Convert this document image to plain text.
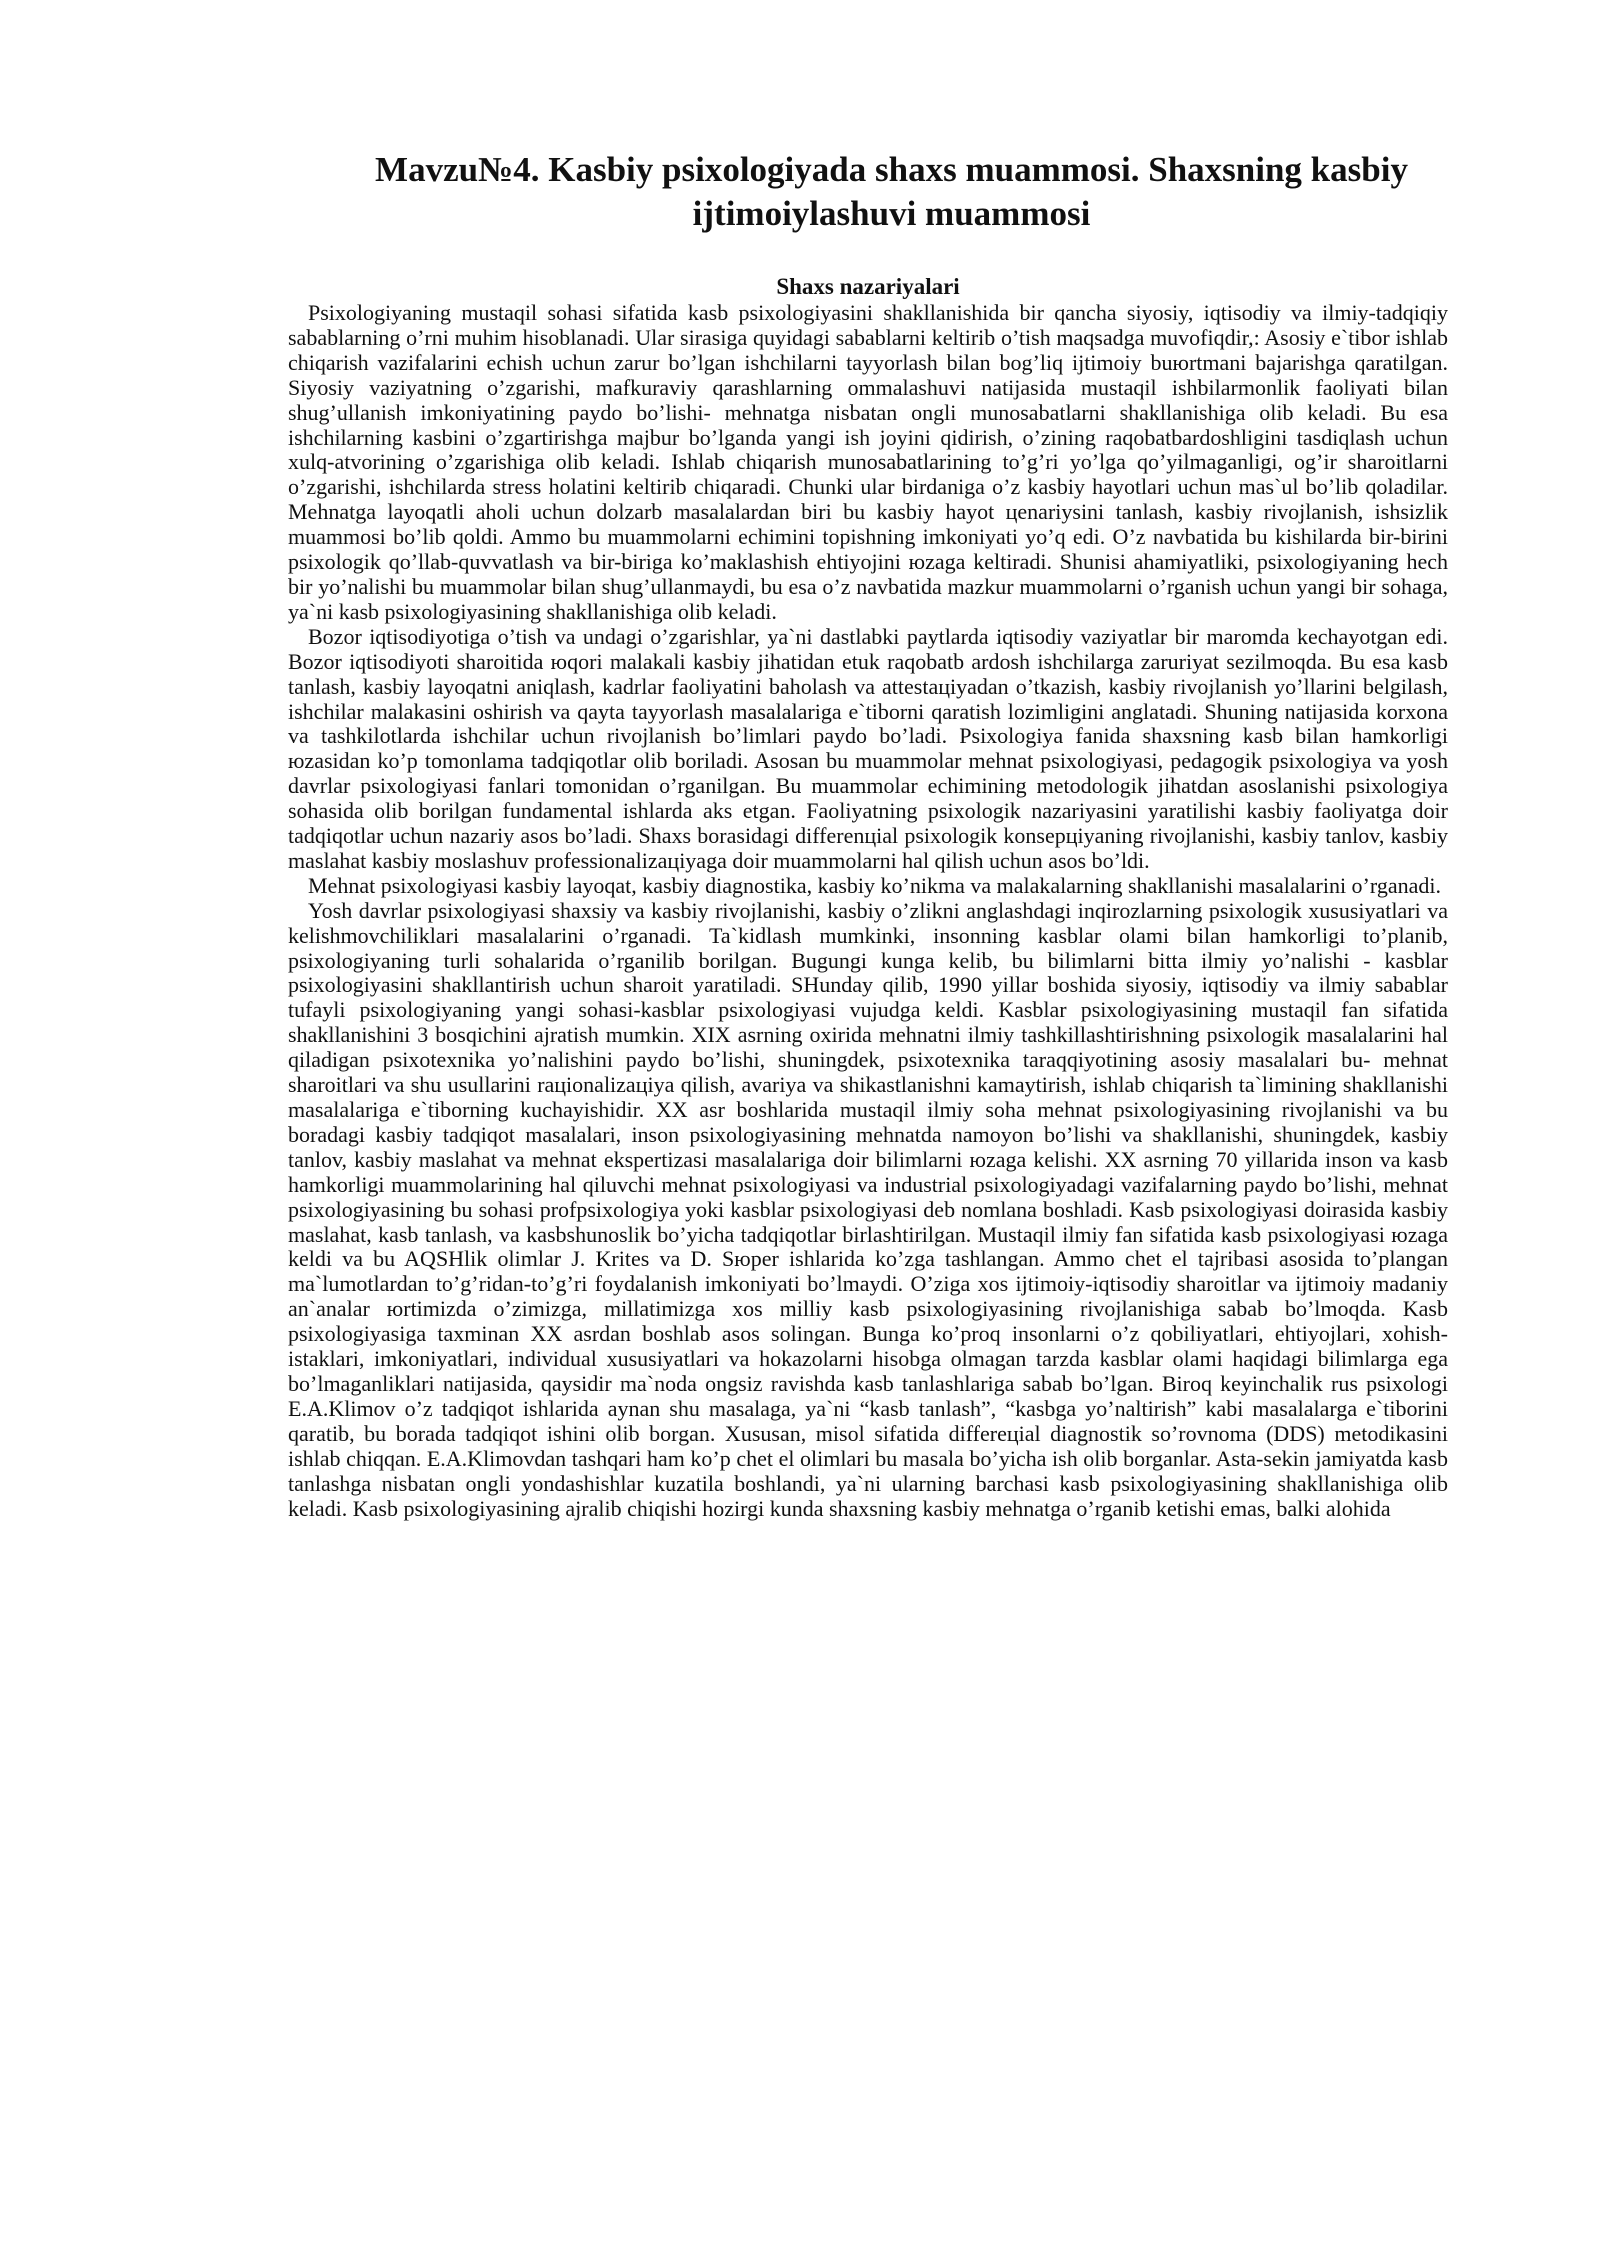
Mavzu№4. Kasbiy psixologiyada shaxs muammosi. Shaxsning kasbiy ijtimoiylashuvi muammosi
Shaxs nazariyalari

Psixologiyaning mustaqil sohasi sifatida kasb psixologiyasini shakllanishida bir qancha siyosiy, iqtisodiy va ilmiy-tadqiqiy sabablarning o’rni muhim hisoblanadi. Ular sirasiga quyidagi sabablarni keltirib o’tish maqsadga muvofiqdir,: Asosiy e`tibor ishlab chiqarish vazifalarini echish uchun zarur bo’lgan ishchilarni tayyorlash bilan bog’liq ijtimoiy buюrtmani bajarishga qaratilgan. Siyosiy vaziyatning o’zgarishi, mafkuraviy qarashlarning ommalashuvi natijasida mustaqil ishbilarmonlik faoliyati bilan shug’ullanish imkoniyatining paydo bo’lishi- mehnatga nisbatan ongli munosabatlarni shakllanishiga olib keladi. Bu esa ishchilarning kasbini o’zgartirishga majbur bo’lganda yangi ish joyini qidirish, o’zining raqobatbardoshligini tasdiqlash uchun xulq-atvorining o’zgarishiga olib keladi. Ishlab chiqarish munosabatlarining to’g’ri yo’lga qo’yilmaganligi, og’ir sharoitlarni o’zgarishi, ishchilarda stress holatini keltirib chiqaradi. Chunki ular birdaniga o’z kasbiy hayotlari uchun mas`ul bo’lib qoladilar. Mehnatga layoqatli aholi uchun dolzarb masalalardan biri bu kasbiy hayot цenariysini tanlash, kasbiy rivojlanish, ishsizlik muammosi bo’lib qoldi. Ammo bu muammolarni echimini topishning imkoniyati yo’q edi. O’z navbatida bu kishilarda bir-birini psixologik qo’llab-quvvatlash va bir-biriga ko’maklashish ehtiyojini юzaga keltiradi. Shunisi ahamiyatliki, psixologiyaning hech bir yo’nalishi bu muammolar bilan shug’ullanmaydi, bu esa o’z navbatida mazkur muammolarni o’rganish uchun yangi bir sohaga, ya`ni kasb psixologiyasining shakllanishiga olib keladi.

Bozor iqtisodiyotiga o’tish va undagi o’zgarishlar, ya`ni dastlabki paytlarda iqtisodiy vaziyatlar bir maromda kechayotgan edi. Bozor iqtisodiyoti sharoitida юqori malakali kasbiy jihatidan etuk raqobatb ardosh ishchilarga zaruriyat sezilmoqda. Bu esa kasb tanlash, kasbiy layoqatni aniqlash, kadrlar faoliyatini baholash va attestaцiyadan o’tkazish, kasbiy rivojlanish yo’llarini belgilash, ishchilar malakasini oshirish va qayta tayyorlash masalalariga e`tiborni qaratish lozimligini anglatadi. Shuning natijasida korxona va tashkilotlarda ishchilar uchun rivojlanish bo’limlari paydo bo’ladi. Psixologiya fanida shaxsning kasb bilan hamkorligi юzasidan ko’p tomonlama tadqiqotlar olib boriladi. Asosan bu muammolar mehnat psixologiyasi, pedagogik psixologiya va yosh davrlar psixologiyasi fanlari tomonidan o’rganilgan. Bu muammolar echimining metodologik jihatdan asoslanishi psixologiya sohasida olib borilgan fundamental ishlarda aks etgan. Faoliyatning psixologik nazariyasini yaratilishi kasbiy faoliyatga doir tadqiqotlar uchun nazariy asos bo’ladi. Shaxs borasidagi differenцial psixologik konsepцiyaning rivojlanishi, kasbiy tanlov, kasbiy maslahat kasbiy moslashuv professionalizaцiyaga doir muammolarni hal qilish uchun asos bo’ldi.

Mehnat psixologiyasi kasbiy layoqat, kasbiy diagnostika, kasbiy ko’nikma va malakalarning shakllanishi masalalarini o’rganadi.

Yosh davrlar psixologiyasi shaxsiy va kasbiy rivojlanishi, kasbiy o’zlikni anglashdagi inqirozlarning psixologik xususiyatlari va kelishmovchiliklari masalalarini o’rganadi. Ta`kidlash mumkinki, insonning kasblar olami bilan hamkorligi to’planib, psixologiyaning turli sohalarida o’rganilib borilgan. Bugungi kunga kelib, bu bilimlarni bitta ilmiy yo’nalishi - kasblar psixologiyasini shakllantirish uchun sharoit yaratiladi. SHunday qilib, 1990 yillar boshida siyosiy, iqtisodiy va ilmiy sabablar tufayli psixologiyaning yangi sohasi-kasblar psixologiyasi vujudga keldi. Kasblar psixologiyasining mustaqil fan sifatida shakllanishini 3 bosqichini ajratish mumkin. XIX asrning oxirida mehnatni ilmiy tashkillashtirishning psixologik masalalarini hal qiladigan psixotexnika yo’nalishini paydo bo’lishi, shuningdek, psixotexnika taraqqiyotining asosiy masalalari bu- mehnat sharoitlari va shu usullarini raцionalizaцiya qilish, avariya va shikastlanishni kamaytirish, ishlab chiqarish ta`limining shakllanishi masalalariga e`tiborning kuchayishidir. XX asr boshlarida mustaqil ilmiy soha mehnat psixologiyasining rivojlanishi va bu boradagi kasbiy tadqiqot masalalari, inson psixologiyasining mehnatda namoyon bo’lishi va shakllanishi, shuningdek, kasbiy tanlov, kasbiy maslahat va mehnat ekspertizasi masalalariga doir bilimlarni юzaga kelishi. XX asrning 70 yillarida inson va kasb hamkorligi muammolarining hal qiluvchi mehnat psixologiyasi va industrial psixologiyadagi vazifalarning paydo bo’lishi, mehnat psixologiyasining bu sohasi profpsixologiya yoki kasblar psixologiyasi deb nomlana boshladi. Kasb psixologiyasi doirasida kasbiy maslahat, kasb tanlash, va kasbshunoslik bo’yicha tadqiqotlar birlashtirilgan. Mustaqil ilmiy fan sifatida kasb psixologiyasi юzaga keldi va bu AQSHlik olimlar J. Krites va D. Sюper ishlarida ko’zga tashlangan. Ammo chet el tajribasi asosida to’plangan ma`lumotlardan to’g’ridan-to’g’ri foydalanish imkoniyati bo’lmaydi. O’ziga xos ijtimoiy-iqtisodiy sharoitlar va ijtimoiy madaniy an`analar юrtimizda o’zimizga, millatimizga xos milliy kasb psixologiyasining rivojlanishiga sabab bo’lmoqda. Kasb psixologiyasiga taxminan XX asrdan boshlab asos solingan. Bunga ko’proq insonlarni o’z qobiliyatlari, ehtiyojlari, xohish-istaklari, imkoniyatlari, individual xususiyatlari va hokazolarni hisobga olmagan tarzda kasblar olami haqidagi bilimlarga ega bo’lmaganliklari natijasida, qaysidir ma`noda ongsiz ravishda kasb tanlashlariga sabab bo’lgan. Biroq keyinchalik rus psixologi E.A.Klimov o’z tadqiqot ishlarida aynan shu masalaga, ya`ni “kasb tanlash”, “kasbga yo’naltirish” kabi masalalarga e`tiborini qaratib, bu borada tadqiqot ishini olib borgan. Xususan, misol sifatida differeцial diagnostik so’rovnoma (DDS) metodikasini ishlab chiqqan. E.A.Klimovdan tashqari ham ko’p chet el olimlari bu masala bo’yicha ish olib borganlar. Asta-sekin jamiyatda kasb tanlashga nisbatan ongli yondashishlar kuzatila boshlandi, ya`ni ularning barchasi kasb psixologiyasining shakllanishiga olib keladi. Kasb psixologiyasining ajralib chiqishi hozirgi kunda shaxsning kasbiy mehnatga o’rganib ketishi emas, balki alohida
